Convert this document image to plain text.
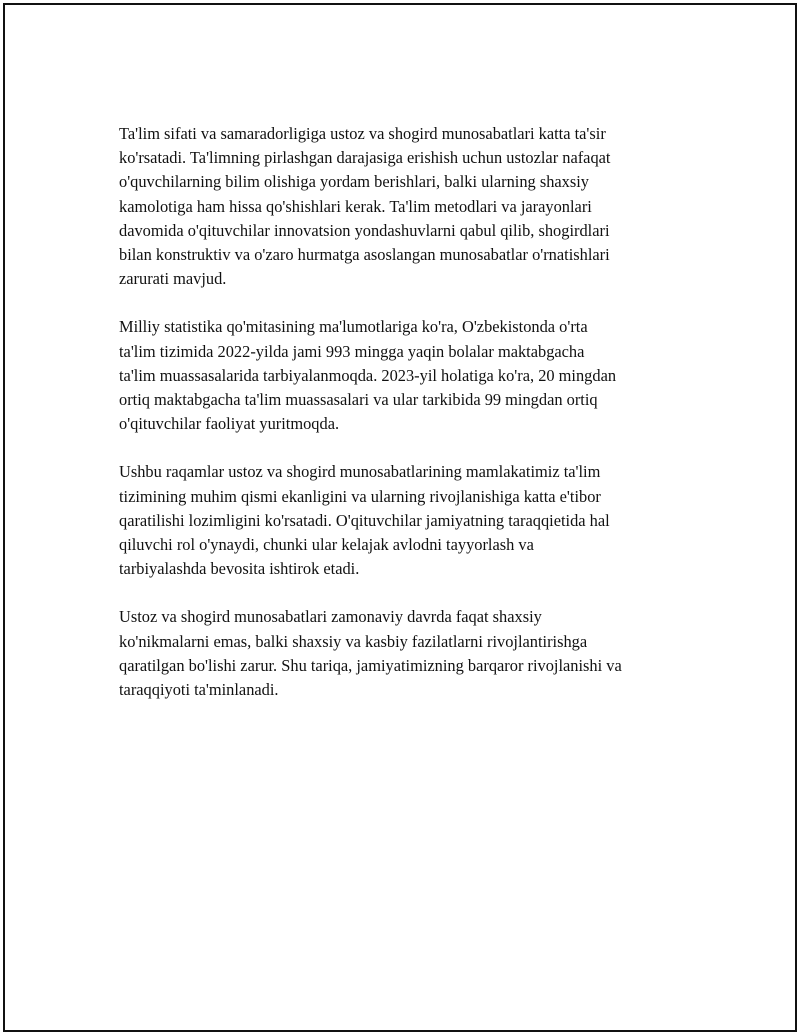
Ta'lim sifati va samaradorligiga ustoz va shogird munosabatlari katta ta'sir
ko'rsatadi. Ta'limning pirlashgan darajasiga erishish uchun ustozlar nafaqat
o'quvchilarning bilim olishiga yordam berishlari, balki ularning shaxsiy
kamolotiga ham hissa qo'shishlari kerak. Ta'lim metodlari va jarayonlari
davomida o'qituvchilar innovatsion yondashuvlarni qabul qilib, shogirdlari
bilan konstruktiv va o'zaro hurmatga asoslangan munosabatlar o'rnatishlari
zarurati mavjud.

Milliy statistika qo'mitasining ma'lumotlariga ko'ra, O'zbekistonda o'rta
ta'lim tizimida 2022-yilda jami 993 mingga yaqin bolalar maktabgacha
ta'lim muassasalarida tarbiyalanmoqda. 2023-yil holatiga ko'ra, 20 mingdan
ortiq maktabgacha ta'lim muassasalari va ular tarkibida 99 mingdan ortiq
o'qituvchilar faoliyat yuritmoqda.

Ushbu raqamlar ustoz va shogird munosabatlarining mamlakatimiz ta'lim
tizimining muhim qismi ekanligini va ularning rivojlanishiga katta e'tibor
qaratilishi lozimligini ko'rsatadi. O'qituvchilar jamiyatning taraqqietida hal
qiluvchi rol o'ynaydi, chunki ular kelajak avlodni tayyorlash va
tarbiyalashda bevosita ishtirok etadi.

Ustoz va shogird munosabatlari zamonaviy davrda faqat shaxsiy
ko'nikmalarni emas, balki shaxsiy va kasbiy fazilatlarni rivojlantirishga
qaratilgan bo'lishi zarur. Shu tariqa, jamiyatimizning barqaror rivojlanishi va
taraqqiyoti ta'minlanadi.
